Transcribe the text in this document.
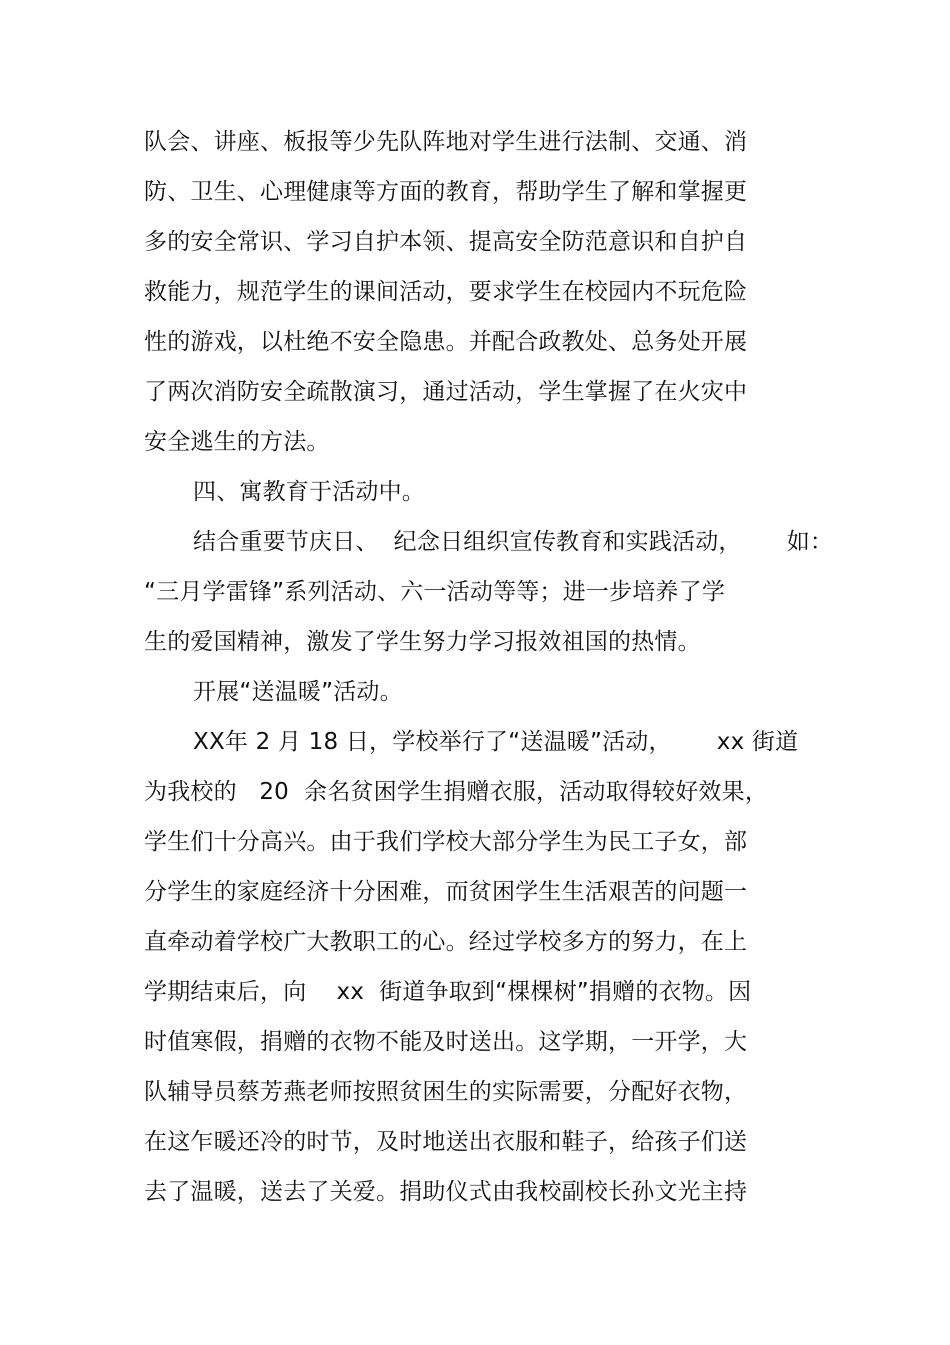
队会、讲座、板报等少先队阵地对学生进行法制、交通、消
防、卫生、心理健康等方面的教育，帮助学生了解和掌握更
多的安全常识、学习自护本领、提高安全防范意识和自护自
救能力，规范学生的课间活动，要求学生在校园内不玩危险
性的游戏，以杜绝不安全隐患。并配合政教处、总务处开展
了两次消防安全疏散演习，通过活动，学生掌握了在火灾中
安全逃生的方法。
四、寓教育于活动中。
结合重要节庆日、  纪念日组织宣传教育和实践活动，      如：
“三月学雷锋”系列活动、六一活动等等；进一步培养了学
生的爱国精神，激发了学生努力学习报效祖国的热情。
开展“送温暖”活动。
XX年 2 月 18 日，学校举行了“送温暖”活动，      xx 街道
为我校的   20  余名贫困学生捐赠衣服，活动取得较好效果，
学生们十分高兴。由于我们学校大部分学生为民工子女，部
分学生的家庭经济十分困难，而贫困学生生活艰苦的问题一
直牵动着学校广大教职工的心。经过学校多方的努力，在上
学期结束后，向    xx  街道争取到“棵棵树”捐赠的衣物。因
时值寒假，捐赠的衣物不能及时送出。这学期，一开学，大
队辅导员蔡芳燕老师按照贫困生的实际需要，分配好衣物，
在这乍暖还冷的时节，及时地送出衣服和鞋子，给孩子们送
去了温暖，送去了关爱。捐助仪式由我校副校长孙文光主持
